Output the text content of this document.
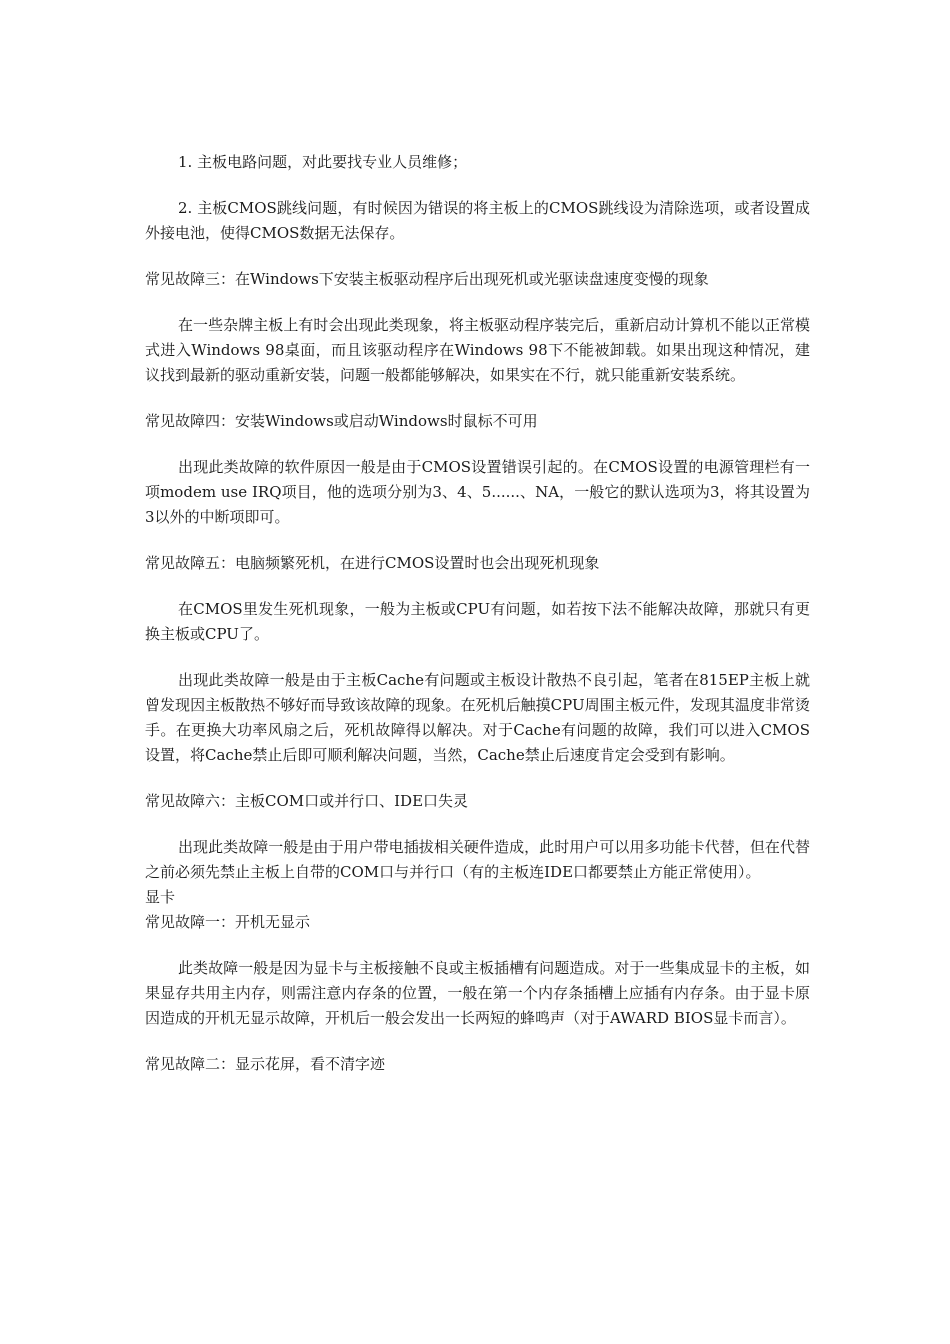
1. 主板电路问题，对此要找专业人员维修；

2. 主板CMOS跳线问题，有时候因为错误的将主板上的CMOS跳线设为清除选项，或者设置成外接电池，使得CMOS数据无法保存。

常见故障三：在Windows下安装主板驱动程序后出现死机或光驱读盘速度变慢的现象

在一些杂牌主板上有时会出现此类现象，将主板驱动程序装完后，重新启动计算机不能以正常模式进入Windows 98桌面，而且该驱动程序在Windows 98下不能被卸载。如果出现这种情况，建议找到最新的驱动重新安装，问题一般都能够解决，如果实在不行，就只能重新安装系统。

常见故障四：安装Windows或启动Windows时鼠标不可用

出现此类故障的软件原因一般是由于CMOS设置错误引起的。在CMOS设置的电源管理栏有一项modem use IRQ项目，他的选项分别为3、4、5......、NA，一般它的默认选项为3，将其设置为3以外的中断项即可。

常见故障五：电脑频繁死机，在进行CMOS设置时也会出现死机现象

在CMOS里发生死机现象，一般为主板或CPU有问题，如若按下法不能解决故障，那就只有更换主板或CPU了。

出现此类故障一般是由于主板Cache有问题或主板设计散热不良引起，笔者在815EP主板上就曾发现因主板散热不够好而导致该故障的现象。在死机后触摸CPU周围主板元件，发现其温度非常烫手。在更换大功率风扇之后，死机故障得以解决。对于Cache有问题的故障，我们可以进入CMOS设置，将Cache禁止后即可顺利解决问题，当然，Cache禁止后速度肯定会受到有影响。

常见故障六：主板COM口或并行口、IDE口失灵

出现此类故障一般是由于用户带电插拔相关硬件造成，此时用户可以用多功能卡代替，但在代替之前必须先禁止主板上自带的COM口与并行口（有的主板连IDE口都要禁止方能正常使用）。

显卡

常见故障一：开机无显示

此类故障一般是因为显卡与主板接触不良或主板插槽有问题造成。对于一些集成显卡的主板，如果显存共用主内存，则需注意内存条的位置，一般在第一个内存条插槽上应插有内存条。由于显卡原因造成的开机无显示故障，开机后一般会发出一长两短的蜂鸣声（对于AWARD BIOS显卡而言）。

常见故障二：显示花屏，看不清字迹
